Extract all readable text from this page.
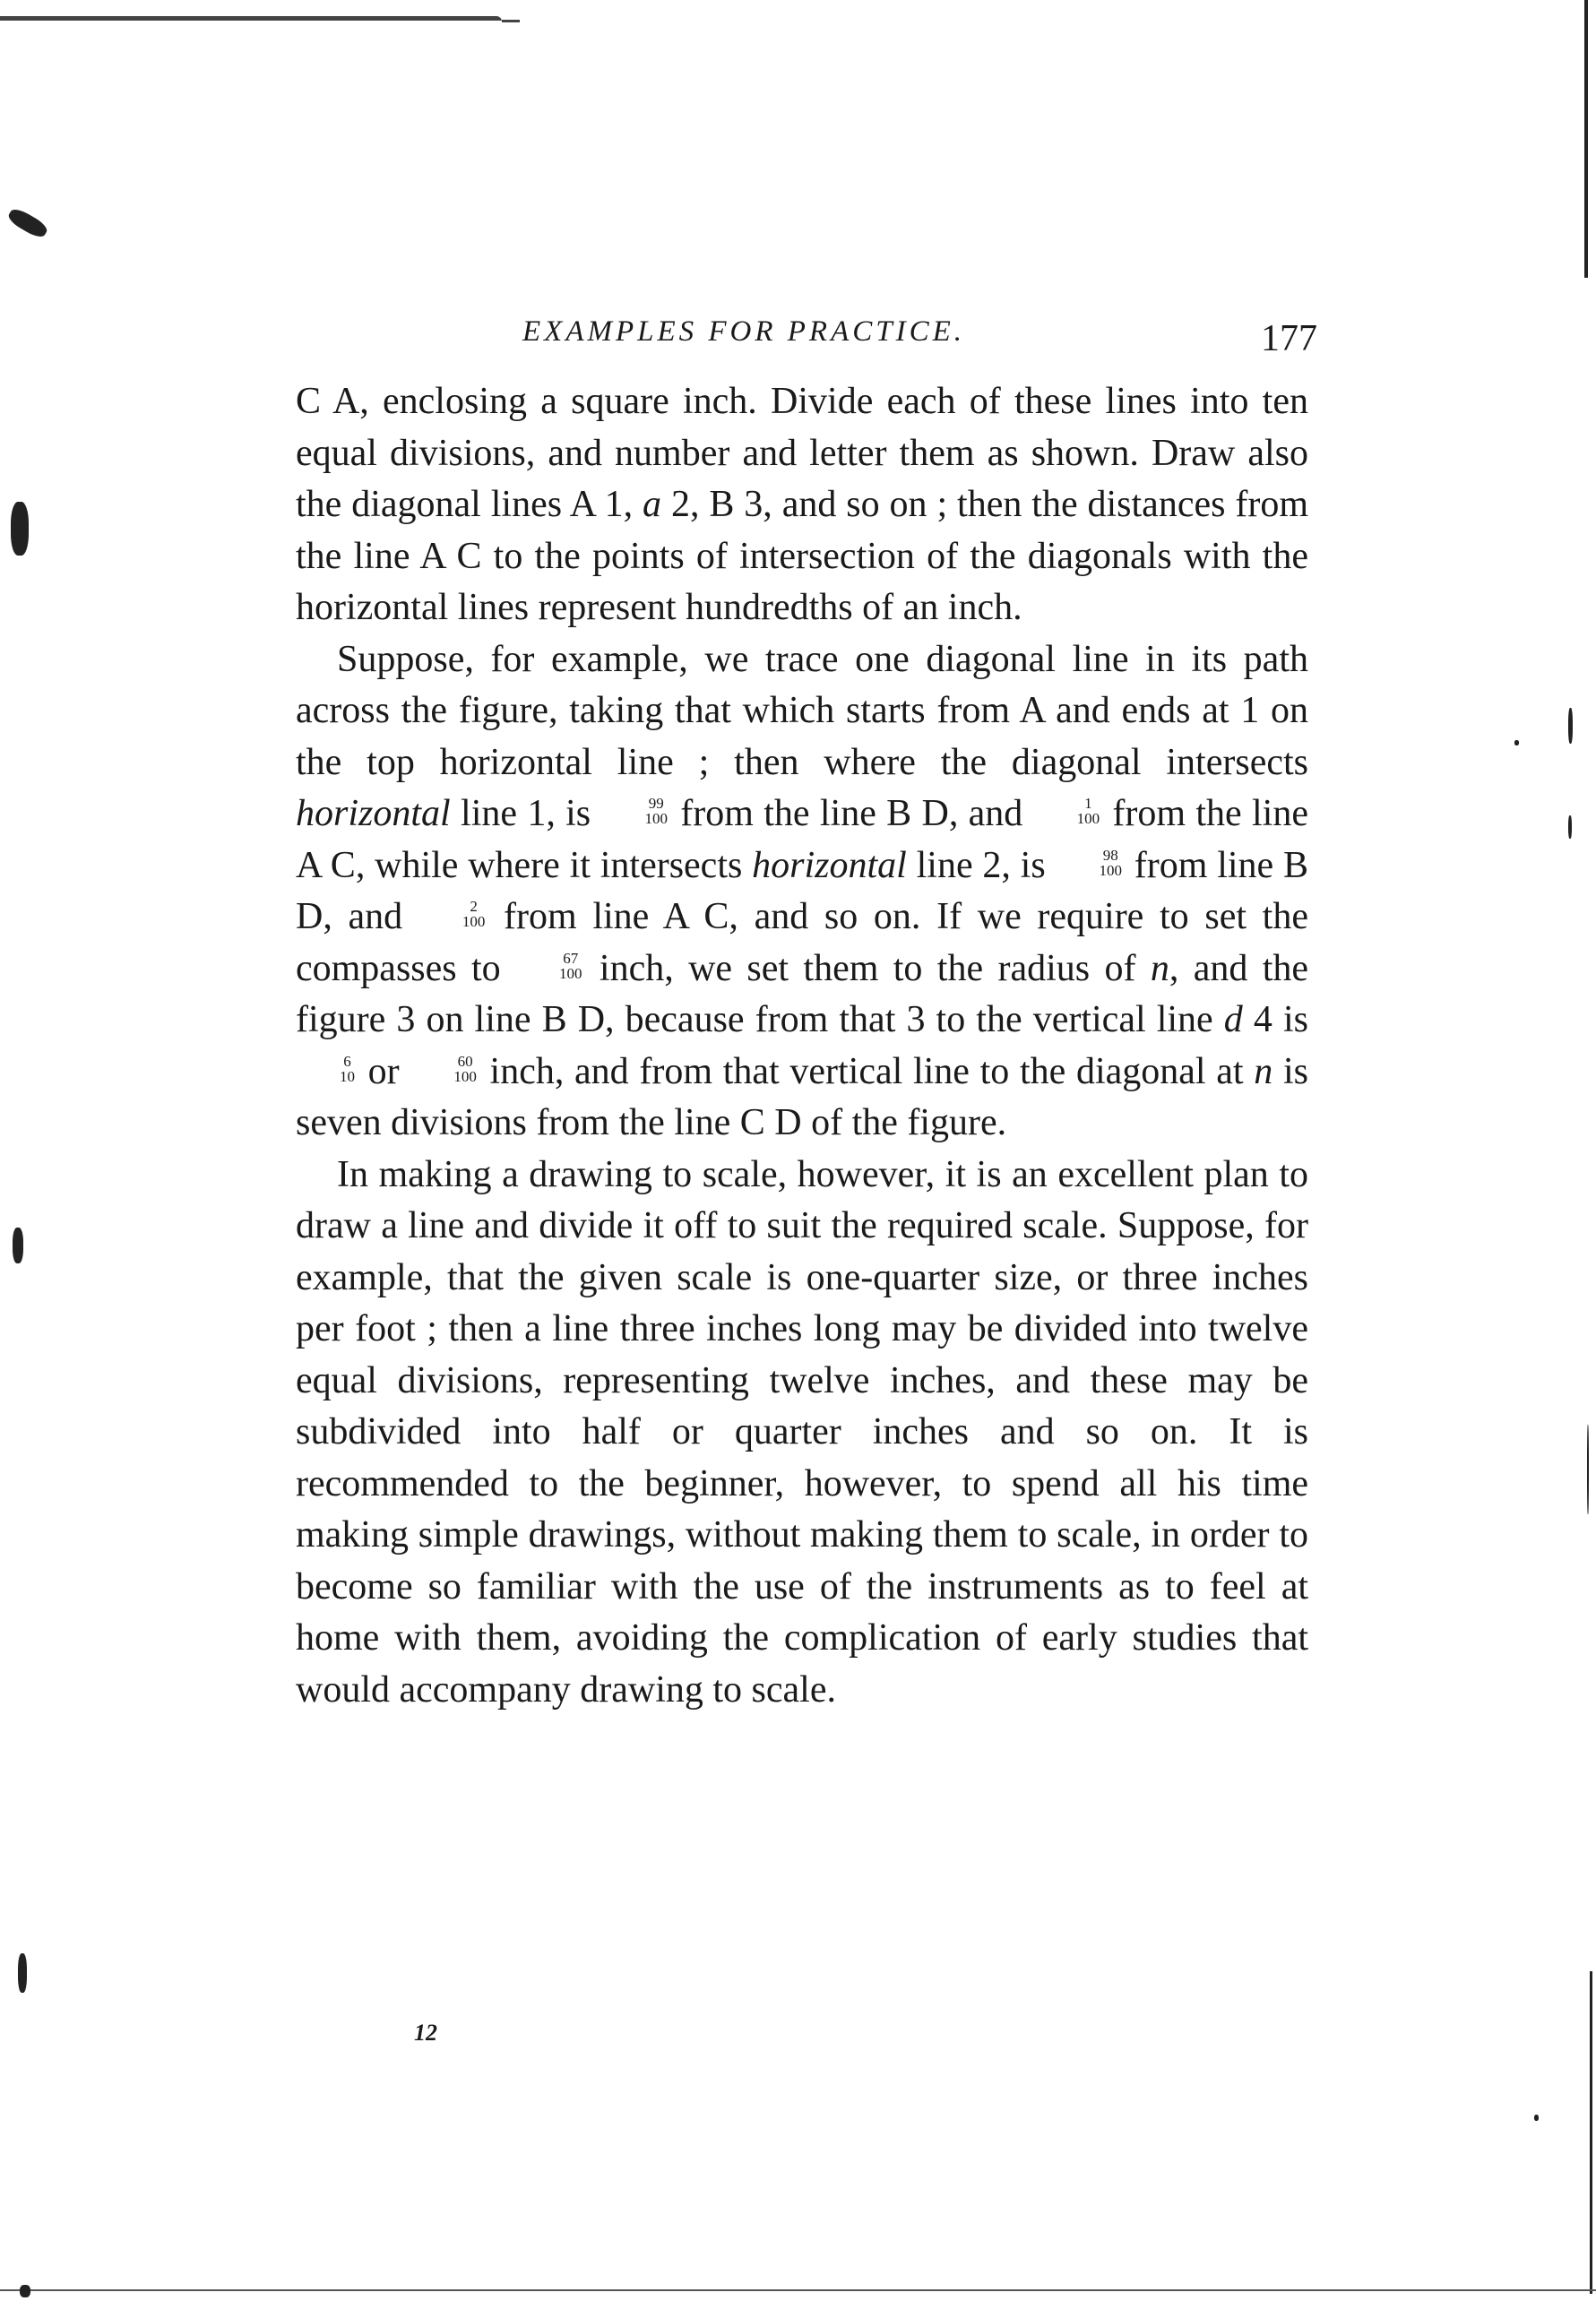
EXAMPLES FOR PRACTICE.	177

C A, enclosing a square inch. Divide each of these lines into ten equal divisions, and number and letter them as shown. Draw also the diagonal lines A 1, a 2, B 3, and so on ; then the distances from the line A C to the points of intersection of the diagonals with the horizontal lines represent hundredths of an inch.

Suppose, for example, we trace one diagonal line in its path across the figure, taking that which starts from A and ends at 1 on the top horizontal line ; then where the diagonal intersects horizontal line 1, is	99
100 from the line B D, and	1
100 from the line A C, while where it intersects horizontal line 2, is	98
100 from line B D, and	2
100 from line A C, and so on. If we require to set the compasses to	67
100 inch, we set them to the radius of n, and the figure 3 on line B D, because from that 3 to the vertical line d 4 is
6
10 or	60
100 inch, and from that vertical line to the diagonal at n is seven divisions from the line C D of the figure.

In making a drawing to scale, however, it is an excellent plan to draw a line and divide it off to suit the required scale. Suppose, for example, that the given scale is one-quarter size, or three inches per foot ; then a line three inches long may be divided into twelve equal divisions, representing twelve inches, and these may be subdivided into half or quarter inches and so on. It is recommended to the beginner, however, to spend all his time making simple drawings, without making them to scale, in order to become so familiar with the use of the instruments as to feel at home with them, avoiding the complication of early studies that would accompany drawing to scale.

12
